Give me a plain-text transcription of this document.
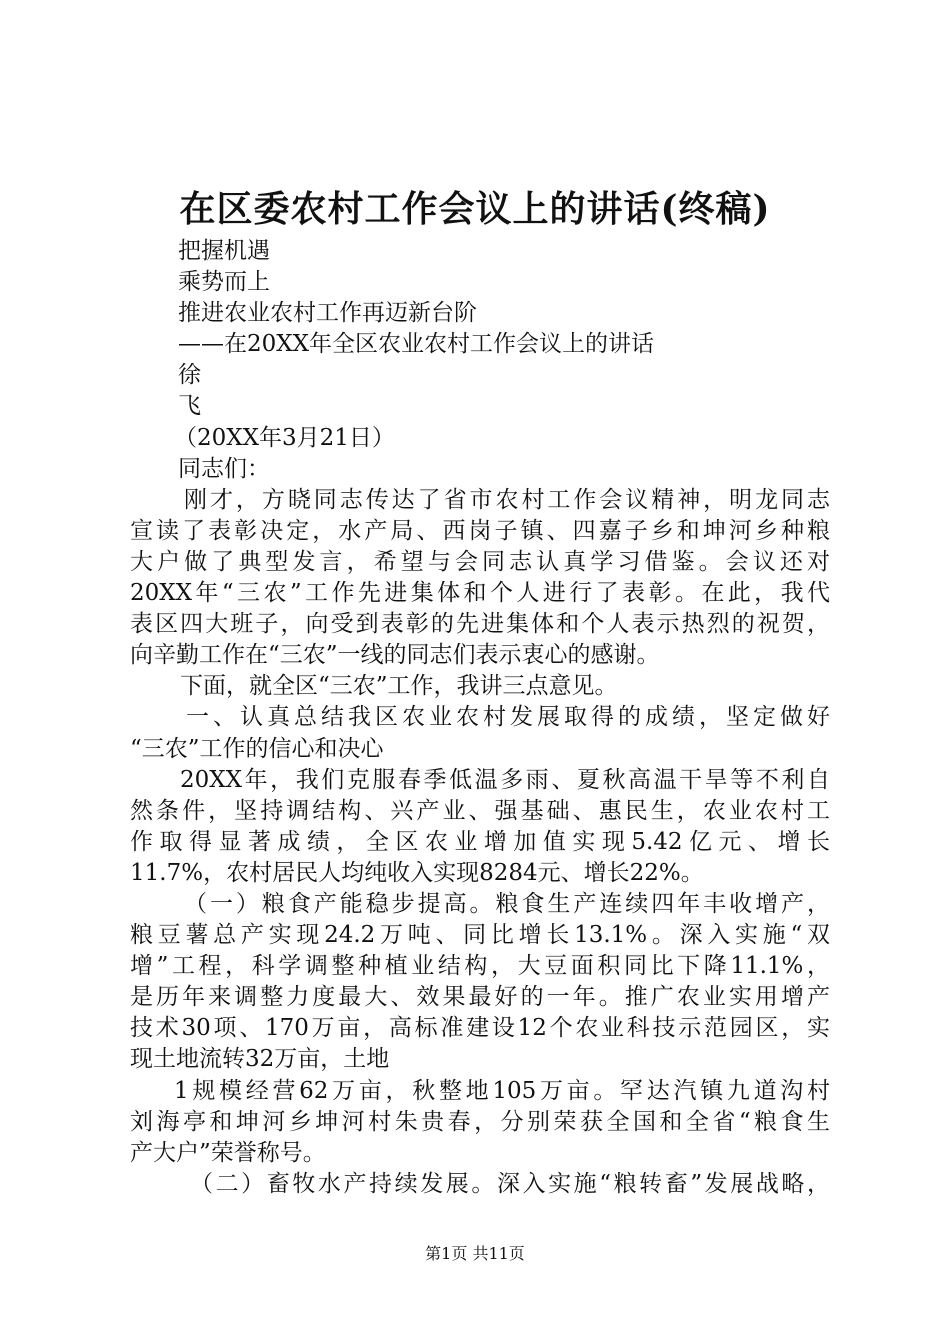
在区委农村工作会议上的讲话(终稿)
把握机遇
乘势而上
推进农业农村工作再迈新台阶
——在20XX年全区农业农村工作会议上的讲话
徐
飞
（20XX年3月21日）
同志们：
刚才，方晓同志传达了省市农村工作会议精神，明龙同志
宣读了表彰决定，水产局、西岗子镇、四嘉子乡和坤河乡种粮
大户做了典型发言，希望与会同志认真学习借鉴。会议还对
20XX年“三农”工作先进集体和个人进行了表彰。在此，我代
表区四大班子，向受到表彰的先进集体和个人表示热烈的祝贺，
向辛勤工作在“三农”一线的同志们表示衷心的感谢。
下面，就全区“三农”工作，我讲三点意见。
一、认真总结我区农业农村发展取得的成绩，坚定做好
“三农”工作的信心和决心
20XX年，我们克服春季低温多雨、夏秋高温干旱等不利自
然条件，坚持调结构、兴产业、强基础、惠民生，农业农村工
作取得显著成绩，全区农业增加值实现5.42亿元、增长
11.7%，农村居民人均纯收入实现8284元、增长22%。
（一）粮食产能稳步提高。粮食生产连续四年丰收增产，
粮豆薯总产实现24.2万吨、同比增长13.1%。深入实施“双
增”工程，科学调整种植业结构，大豆面积同比下降11.1%，
是历年来调整力度最大、效果最好的一年。推广农业实用增产
技术30项、170万亩，高标准建设12个农业科技示范园区，实
现土地流转32万亩，土地
1规模经营62万亩，秋整地105万亩。罕达汽镇九道沟村
刘海亭和坤河乡坤河村朱贵春，分别荣获全国和全省“粮食生
产大户”荣誉称号。
（二）畜牧水产持续发展。深入实施“粮转畜”发展战略，
第1页 共11页
